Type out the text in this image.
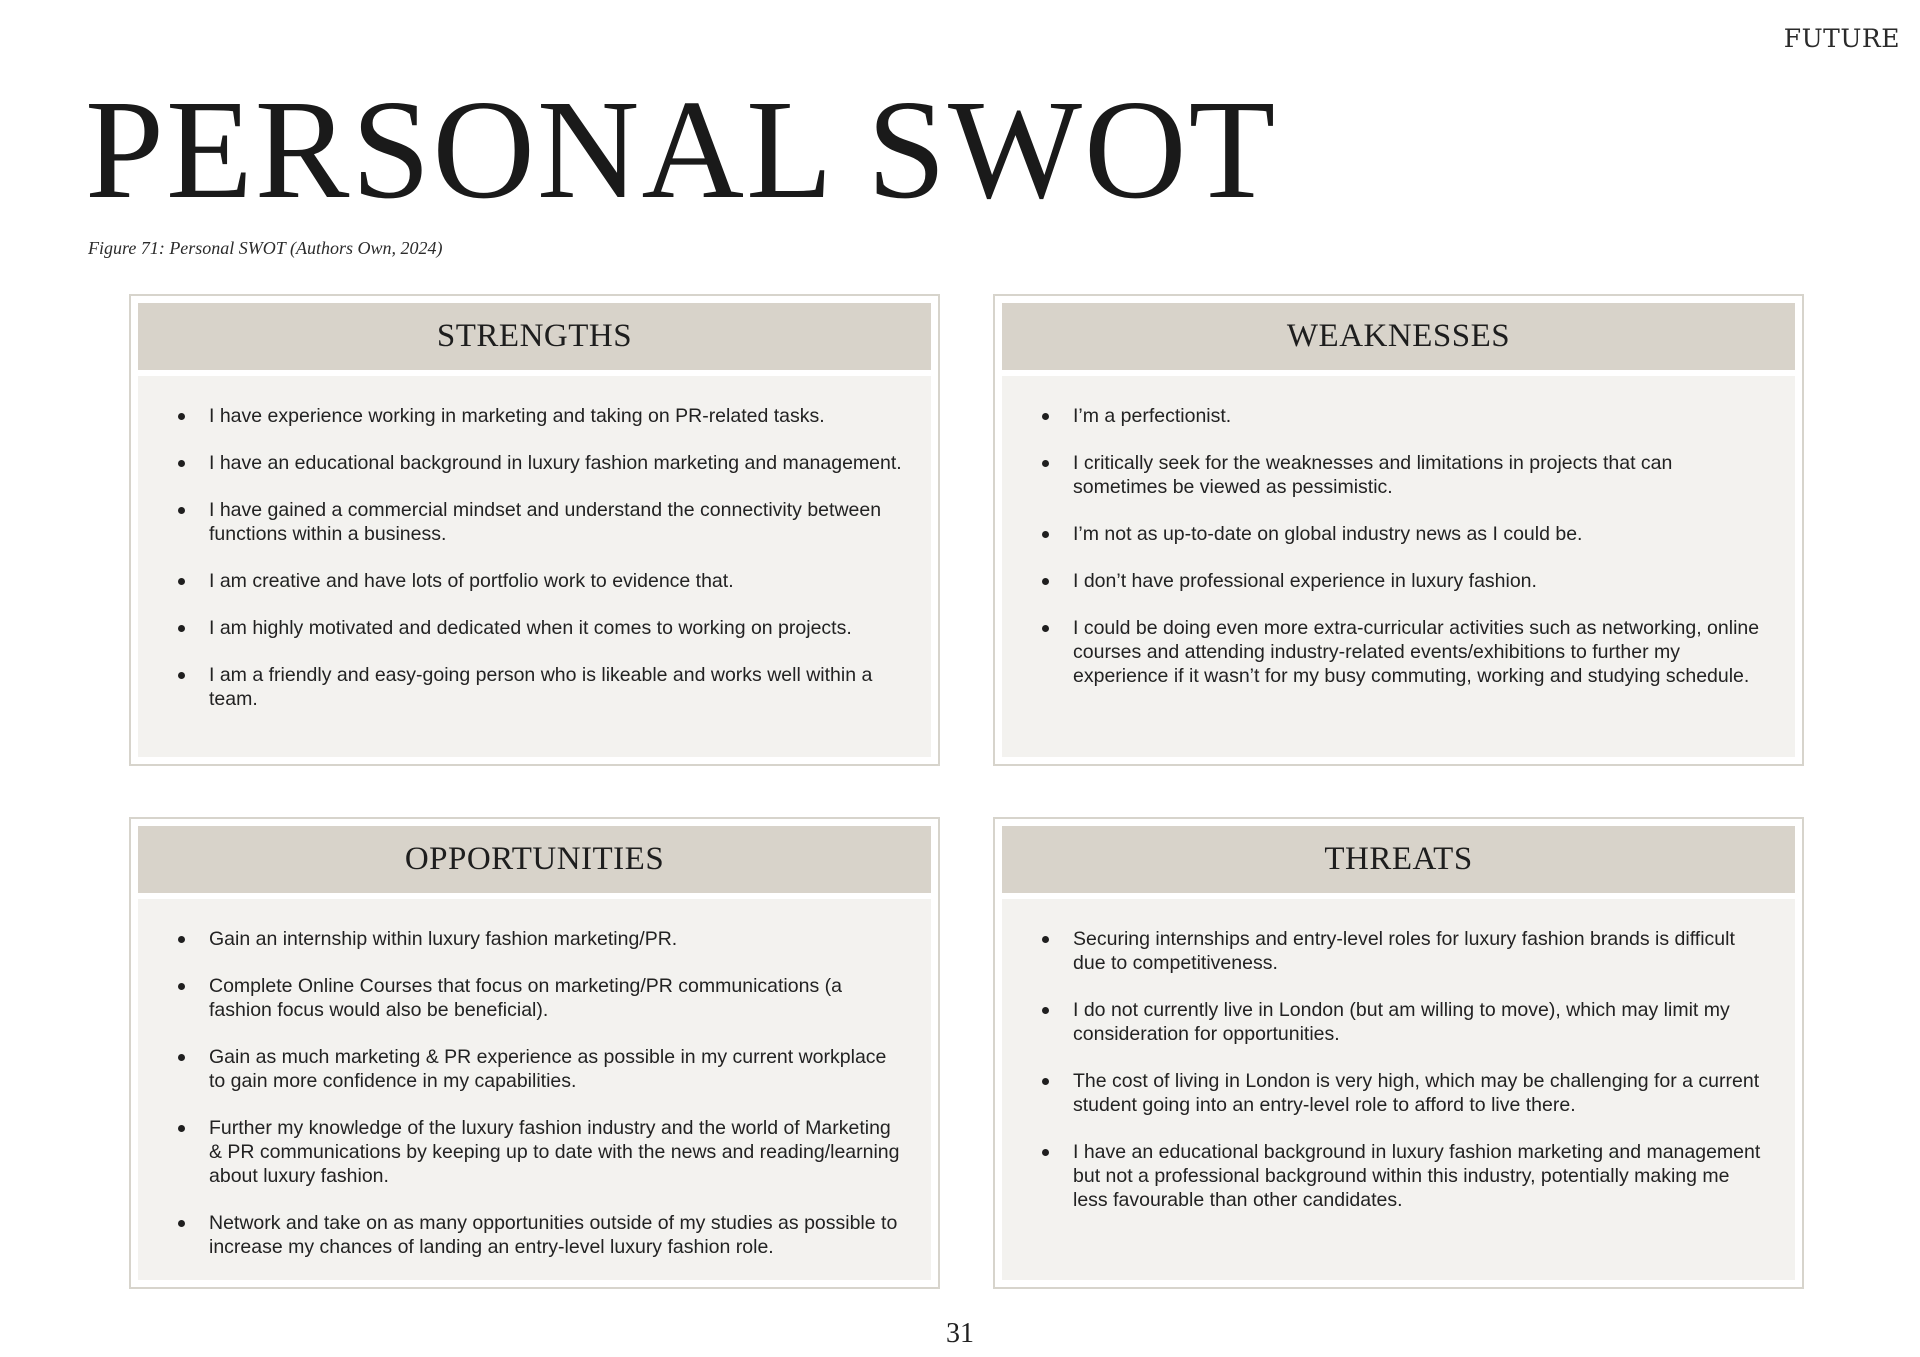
FUTURE
PERSONAL SWOT
Figure 71: Personal SWOT (Authors Own, 2024)
STRENGTHS
I have experience working in marketing and taking on PR-related tasks.
I have an educational background in luxury fashion marketing and management.
I have gained a commercial mindset and understand the connectivity between functions within a business.
I am creative and have lots of portfolio work to evidence that.
I am highly motivated and dedicated when it comes to working on projects.
I am a friendly and easy-going person who is likeable and works well within a team.
WEAKNESSES
I’m a perfectionist.
I critically seek for the weaknesses and limitations in projects that can sometimes be viewed as pessimistic.
I’m not as up-to-date on global industry news as I could be.
I don’t have professional experience in luxury fashion.
I could be doing even more extra-curricular activities such as networking, online courses and attending industry-related events/exhibitions to further my experience if it wasn’t for my busy commuting, working and studying schedule.
OPPORTUNITIES
Gain an internship within luxury fashion marketing/PR.
Complete Online Courses that focus on marketing/PR communications (a fashion focus would also be beneficial).
Gain as much marketing & PR experience as possible in my current workplace to gain more confidence in my capabilities.
Further my knowledge of the luxury fashion industry and the world of Marketing & PR communications by keeping up to date with the news and reading/learning about luxury fashion.
Network and take on as many opportunities outside of my studies as possible to increase my chances of landing an entry-level luxury fashion role.
THREATS
Securing internships and entry-level roles for luxury fashion brands is difficult due to competitiveness.
I do not currently live in London (but am willing to move), which may limit my consideration for opportunities.
The cost of living in London is very high, which may be challenging for a current student going into an entry-level role to afford to live there.
I have an educational background in luxury fashion marketing and management but not a professional background within this industry, potentially making me less favourable than other candidates.
31
